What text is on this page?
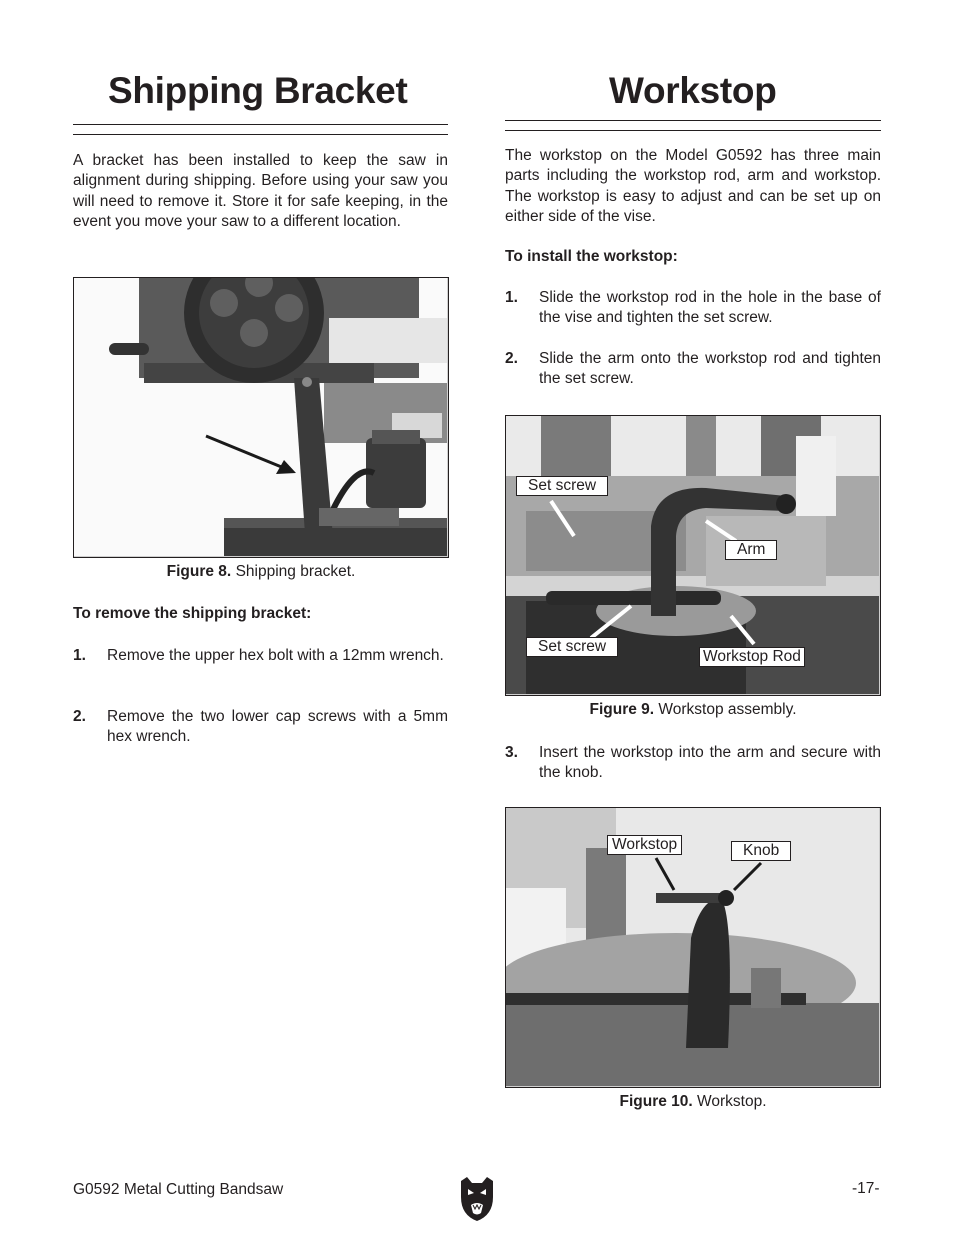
Shipping Bracket

A bracket has been installed to keep the saw in alignment during shipping. Before using your saw you will need to remove it. Store it for safe keeping, in the event you move your saw to a different location.

Figure 8. Shipping bracket.

To remove the shipping bracket:

1. Remove the upper hex bolt with a 12mm wrench.
2. Remove the two lower cap screws with a 5mm hex wrench.
Workstop

The workstop on the Model G0592 has three main parts including the workstop rod, arm and workstop. The workstop is easy to adjust and can be set up on either side of the vise.

To install the workstop:

1. Slide the workstop rod in the hole in the base of the vise and tighten the set screw.
2. Slide the arm onto the workstop rod and tighten the set screw.
Set screw
Arm
Set screw
Workstop Rod
Figure 9. Workstop assembly.
3. Insert the workstop into the arm and secure with the knob.
Workstop	Knob
Figure 10. Workstop.
G0592 Metal Cutting Bandsaw	-17-
